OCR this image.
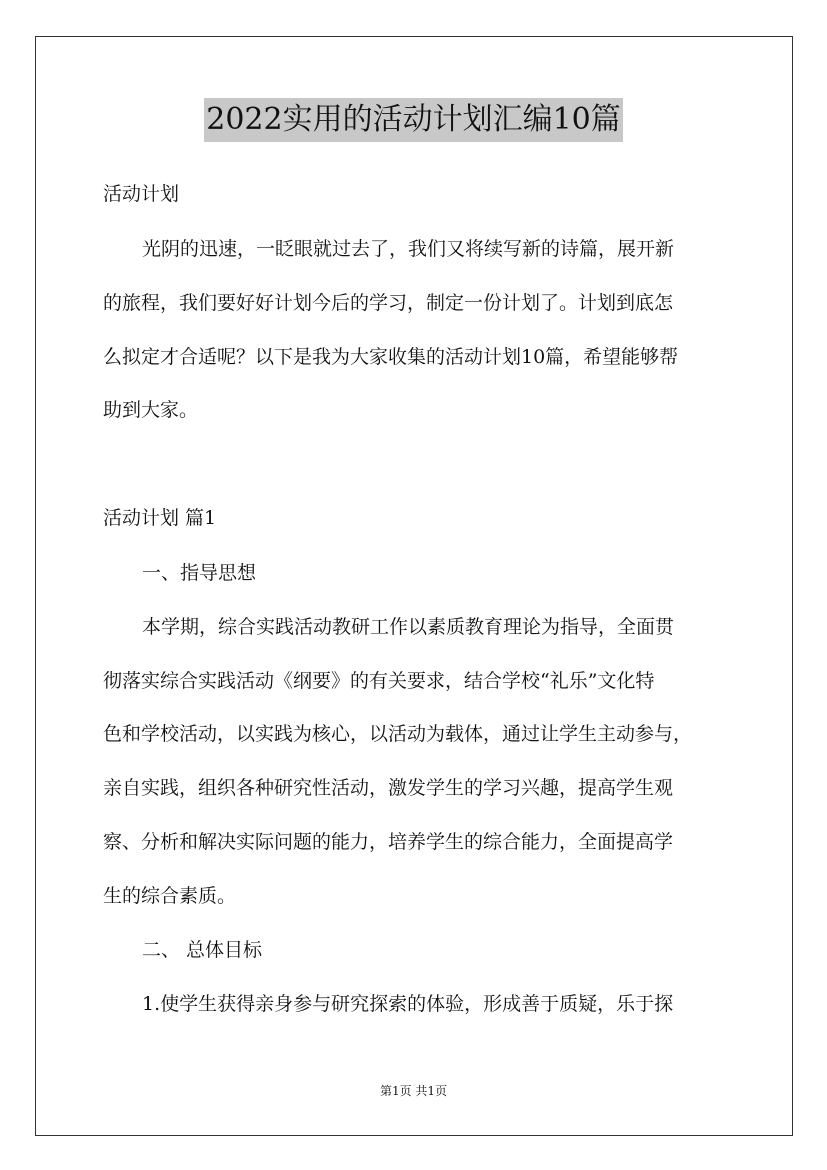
2022实用的活动计划汇编10篇
活动计划
光阴的迅速，一眨眼就过去了，我们又将续写新的诗篇，展开新
的旅程，我们要好好计划今后的学习，制定一份计划了。计划到底怎
么拟定才合适呢？以下是我为大家收集的活动计划10篇，希望能够帮
助到大家。
活动计划 篇1
一、指导思想
本学期，综合实践活动教研工作以素质教育理论为指导，全面贯
彻落实综合实践活动《纲要》的有关要求，结合学校“礼乐”文化特
色和学校活动，以实践为核心，以活动为载体，通过让学生主动参与，
亲自实践，组织各种研究性活动，激发学生的学习兴趣，提高学生观
察、分析和解决实际问题的能力，培养学生的综合能力，全面提高学
生的综合素质。
二、 总体目标
1.使学生获得亲身参与研究探索的体验，形成善于质疑，乐于探
第1页 共1页
